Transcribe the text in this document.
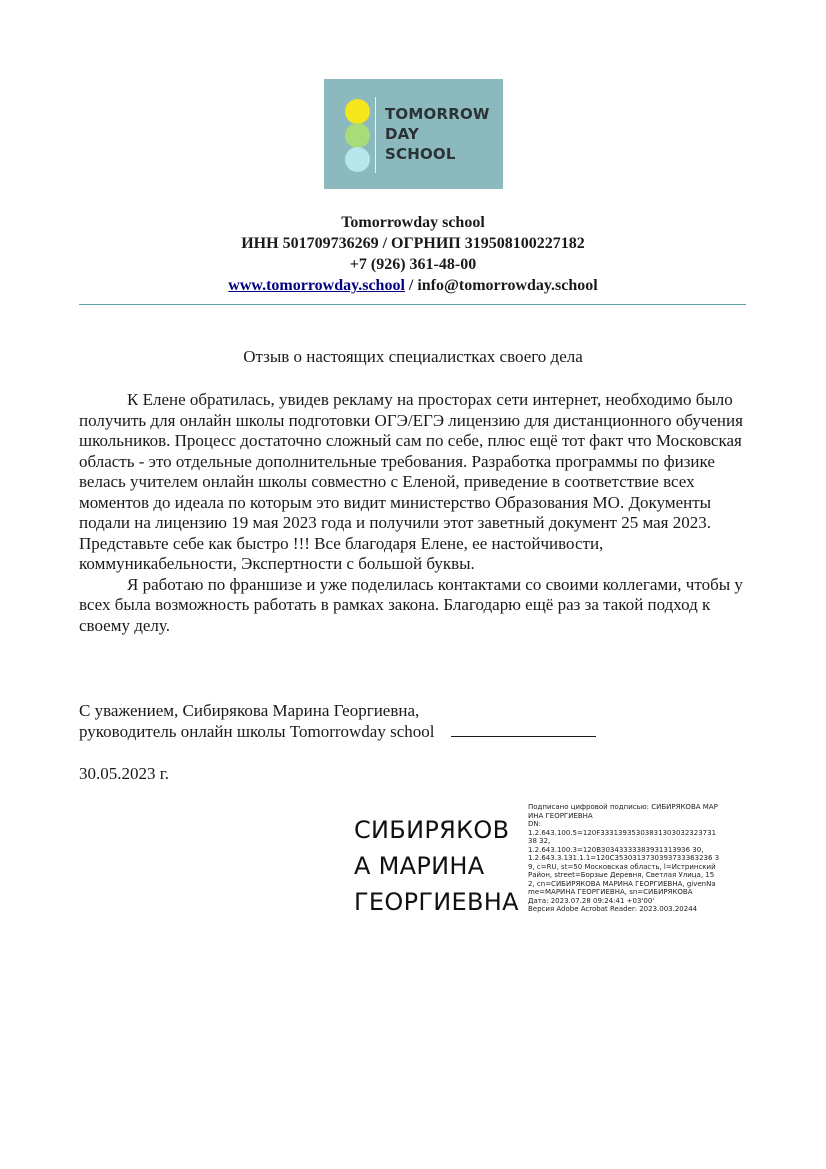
TOMORROW
DAY
SCHOOL
Tomorrowday school
ИНН 501709736269 / ОГРНИП 319508100227182
+7 (926) 361-48-00
www.tomorrowday.school / info@tomorrowday.school
Отзыв о настоящих специалистках своего дела

К Елене обратилась, увидев рекламу на просторах сети интернет, необходимо было получить для онлайн школы подготовки ОГЭ/ЕГЭ лицензию для дистанционного обучения школьников. Процесс достаточно сложный сам по себе, плюс ещё тот факт что Московская область - это отдельные дополнительные требования. Разработка программы по физике велась учителем онлайн школы совместно с Еленой, приведение в соответствие всех моментов до идеала по которым это видит министерство Образования МО. Документы подали на лицензию 19 мая 2023 года и получили этот заветный документ 25 мая 2023. Представьте себе как быстро !!! Все благодаря Елене, ее настойчивости, коммуникабельности, Экспертности с большой буквы.

Я работаю по франшизе и уже поделилась контактами со своими коллегами, чтобы у всех была возможность работать в рамках закона. Благодарю ещё раз за такой подход к своему делу.

С уважением, Сибирякова Марина Георгиевна,
руководитель онлайн школы Tomorrowday school
30.05.2023 г.
СИБИРЯКОВ
А МАРИНА
ГЕОРГИЕВНА
Подписано цифровой подписью: СИБИРЯКОВА МАРИНА ГЕОРГИЕВНА
DN:
1.2.643.100.5=120F3331393530383130303232373138 32,
1.2.643.100.3=120B30343333383931313936 30,
1.2.643.3.131.1.1=120C3530313730393733363236 39, c=RU, st=50 Московская область, l=Истринский Район, street=Борзые Деревня, Светлая Улица, 152, cn=СИБИРЯКОВА МАРИНА ГЕОРГИЕВНА, givenName=МАРИНА ГЕОРГИЕВНА, sn=СИБИРЯКОВА
Дата: 2023.07.28 09:24:41 +03'00'
Версия Adobe Acrobat Reader: 2023.003.20244
